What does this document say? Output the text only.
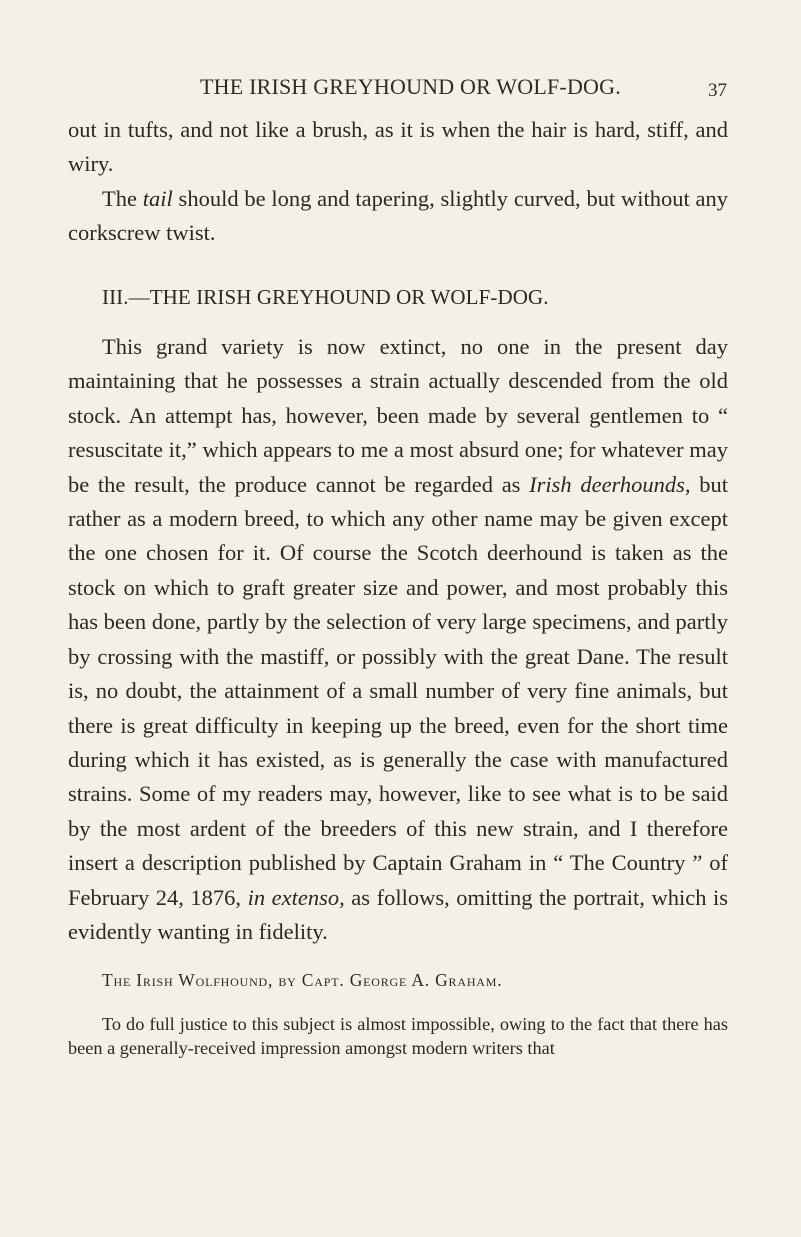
THE IRISH GREYHOUND OR WOLF-DOG.	37

out in tufts, and not like a brush, as it is when the hair is hard, stiff, and wiry.

The tail should be long and tapering, slightly curved, but without any corkscrew twist.

III.—THE IRISH GREYHOUND OR WOLF-DOG.

This grand variety is now extinct, no one in the present day maintaining that he possesses a strain actually descended from the old stock. An attempt has, however, been made by several gentlemen to “ resuscitate it,” which appears to me a most absurd one; for whatever may be the result, the produce cannot be regarded as Irish deerhounds, but rather as a modern breed, to which any other name may be given except the one chosen for it. Of course the Scotch deerhound is taken as the stock on which to graft greater size and power, and most probably this has been done, partly by the selection of very large specimens, and partly by crossing with the mastiff, or possibly with the great Dane. The result is, no doubt, the attainment of a small number of very fine animals, but there is great difficulty in keeping up the breed, even for the short time during which it has existed, as is generally the case with manufactured strains. Some of my readers may, however, like to see what is to be said by the most ardent of the breeders of this new strain, and I therefore insert a description published by Captain Graham in “ The Country ” of February 24, 1876, in extenso, as follows, omitting the portrait, which is evidently wanting in fidelity.

The Irish Wolfhound, by Capt. George A. Graham.

To do full justice to this subject is almost impossible, owing to the fact that there has been a generally-received impression amongst modern writers that
